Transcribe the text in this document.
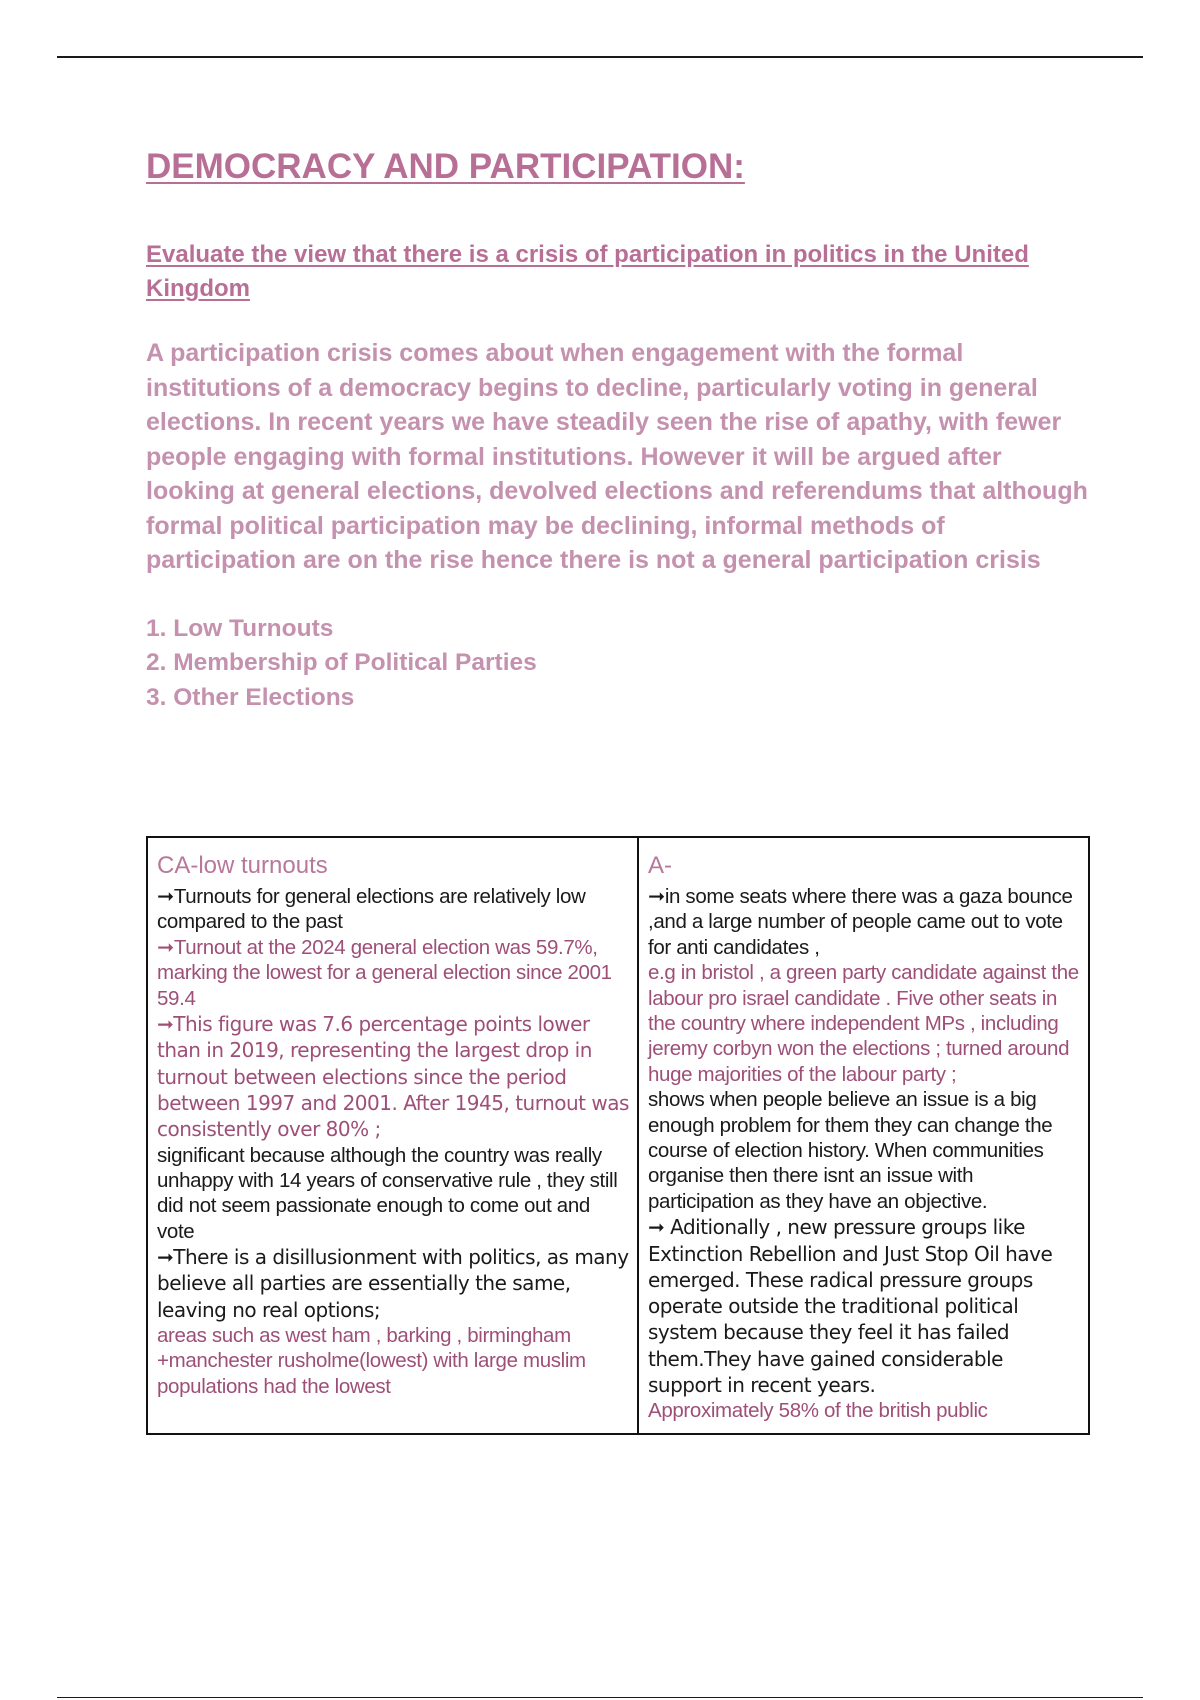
DEMOCRACY AND PARTICIPATION:

Evaluate the view that there is a crisis of participation in politics in the United Kingdom

A participation crisis comes about when engagement with the formal institutions of a democracy begins to decline, particularly voting in general elections. In recent years we have steadily seen the rise of apathy, with fewer people engaging with formal institutions. However it will be argued after looking at general elections, devolved elections and referendums that although formal political participation may be declining, informal methods of participation are on the rise hence there is not a general participation crisis

1. Low Turnouts
2. Membership of Political Parties
3. Other Elections
CA-low turnouts
➞Turnouts for general elections are relatively low compared to the past
➞Turnout at the 2024 general election was 59.7%, marking the lowest for a general election since 2001 59.4
➞This figure was 7.6 percentage points lower than in 2019, representing the largest drop in turnout between elections since the period between 1997 and 2001. After 1945, turnout was consistently over 80% ;
significant because although the country was really unhappy with 14 years of conservative rule , they still did not seem passionate enough to come out and vote
➞There is a disillusionment with politics, as many believe all parties are essentially the same, leaving no real options;
areas such as west ham , barking , birmingham +manchester rusholme(lowest) with large muslim populations had the lowest

A-
➞in some seats where there was a gaza bounce ,and a large number of people came out to vote for anti candidates ,
e.g in bristol , a green party candidate against the labour pro israel candidate . Five other seats in the country where independent MPs , including jeremy corbyn won the elections ; turned around huge majorities of the labour party ;
shows when people believe an issue is a big enough problem for them they can change the course of election history. When communities organise then there isnt an issue with participation as they have an objective.
➞ Aditionally , new pressure groups like Extinction Rebellion and Just Stop Oil have emerged. These radical pressure groups operate outside the traditional political system because they feel it has failed them.They have gained considerable support in recent years.
Approximately 58% of the british public
